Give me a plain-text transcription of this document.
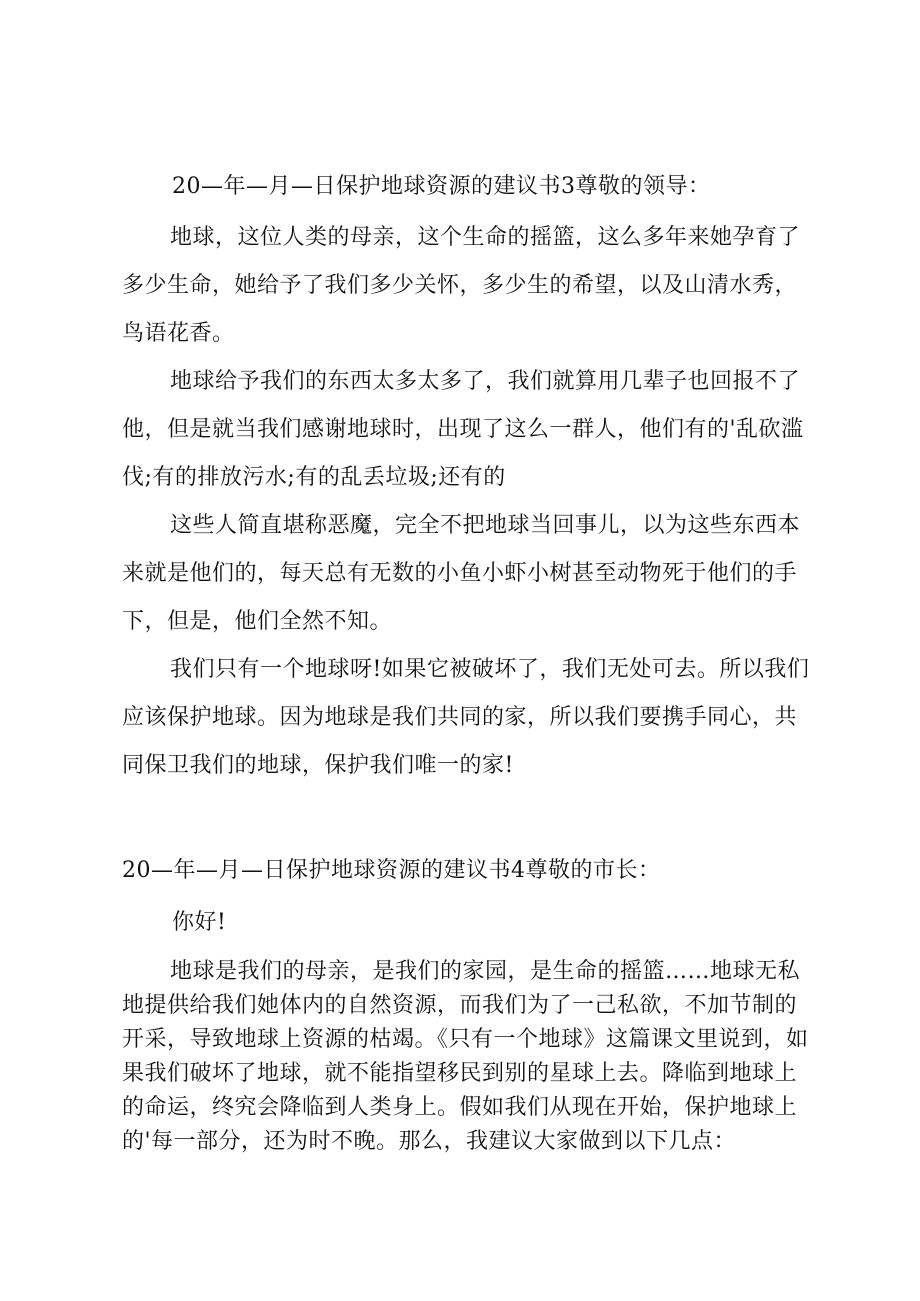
20—年—月—日保护地球资源的建议书3尊敬的领导：

地球，这位人类的母亲，这个生命的摇篮，这么多年来她孕育了多少生命，她给予了我们多少关怀，多少生的希望，以及山清水秀，鸟语花香。

地球给予我们的东西太多太多了，我们就算用几辈子也回报不了他，但是就当我们感谢地球时，出现了这么一群人，他们有的'乱砍滥伐;有的排放污水;有的乱丢垃圾;还有的

这些人简直堪称恶魔，完全不把地球当回事儿，以为这些东西本来就是他们的，每天总有无数的小鱼小虾小树甚至动物死于他们的手下，但是，他们全然不知。

我们只有一个地球呀!如果它被破坏了，我们无处可去。所以我们应该保护地球。因为地球是我们共同的家，所以我们要携手同心，共同保卫我们的地球，保护我们唯一的家!

20—年—月—日保护地球资源的建议书4尊敬的市长：

你好!

地球是我们的母亲，是我们的家园，是生命的摇篮……地球无私地提供给我们她体内的自然资源，而我们为了一己私欲，不加节制的开采，导致地球上资源的枯竭。《只有一个地球》这篇课文里说到，如果我们破坏了地球，就不能指望移民到别的星球上去。降临到地球上的命运，终究会降临到人类身上。假如我们从现在开始，保护地球上的'每一部分，还为时不晚。那么，我建议大家做到以下几点：
